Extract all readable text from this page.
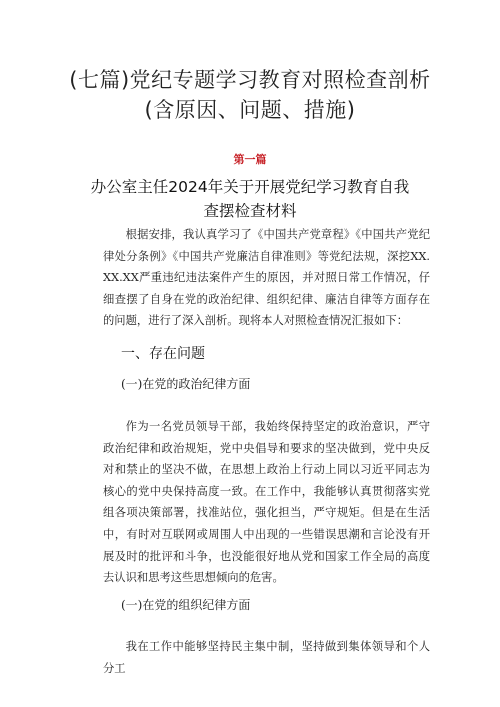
(七篇)党纪专题学习教育对照检查剖析
(含原因、问题、措施)
第一篇
办公室主任2024年关于开展党纪学习教育自我
查摆检查材料
根据安排，我认真学习了《中国共产党章程》《中国共产党纪律处分条例》《中国共产党廉洁自律准则》等党纪法规，深挖XX.XX.XX严重违纪违法案件产生的原因，并对照日常工作情况，仔细查摆了自身在党的政治纪律、组织纪律、廉洁自律等方面存在的问题，进行了深入剖析。现将本人对照检查情况汇报如下：
一、存在问题
(一)在党的政治纪律方面
作为一名党员领导干部，我始终保持坚定的政治意识，严守政治纪律和政治规矩，党中央倡导和要求的坚决做到，党中央反对和禁止的坚决不做，在思想上政治上行动上同以习近平同志为核心的党中央保持高度一致。在工作中，我能够认真贯彻落实党组各项决策部署，找准站位，强化担当，严守规矩。但是在生活中，有时对互联网或周围人中出现的一些错误思潮和言论没有开展及时的批评和斗争，也没能很好地从党和国家工作全局的高度去认识和思考这些思想倾向的危害。
(一)在党的组织纪律方面
我在工作中能够坚持民主集中制，坚持做到集体领导和个人分工
